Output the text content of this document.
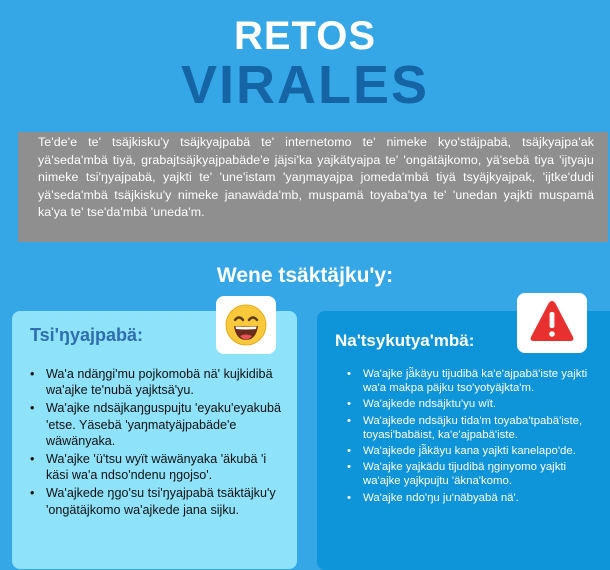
RETOS
VIRALES
Te'de'e te' tsäjkisku'y tsäjkyajpabä te' internetomo te' nimeke kyo'stäjpabä, tsäjkyajpa'ak yä'seda'mbä tiyä, grabajtsäjkyajpabäde'e jäjsi'ka yajkätyajpa te' 'ongätäjkomo, yä'sebä tiya 'ijtyaju nimeke tsi'ŋyajpabä, yajkti te' 'une'istam 'yaŋmayajpa jomeda'mbä tiyä tsyäjkyajpak, 'ijtke'dudi yä'seda'mbä tsäjkisku'y nimeke janawäda'mb, muspamä toyaba'tya te' 'unedan yajkti muspamä ka'ya te' tse'da'mbä 'uneda'm.
Wene tsäktäjku'y:
Tsi'ŋyajpabä:
• Wa'a ndäŋgi'mu pojkomobä nä' kujkidibä wa'ajke te'nubä yajktsä'yu.
• Wa'ajke ndsäjkaŋguspujtu 'eyaku'eyakubä 'etse. Yäsebä 'yaŋmatyäjpabäde'e wäwänyaka.
• Wa'ajke 'ü'tsu wyït wäwänyaka 'äkubä 'i käsi wa'a ndso'ndenu ŋgojso'.
• Wa'ajkede ŋgo'su tsi'ŋyajpabä tsäktäjku'y 'ongätäjkomo wa'ajkede jana sijku.
Na'tsykutya'mbä:
• Wa'ajke jä̃käyu tijudibä ka'e'ajpabä'iste yajkti wa'a makpa päjku tso'yotyäjkta'm.
• Wa'ajkede ndsäjktu'yu wït.
• Wa'ajkede ndsäjku tida'm toyaba'tpabä'iste, toyasi'babäist, ka'e'ajpabä'iste.
• Wa'ajkede jä̃käyu kana yajkti kanelapo'de.
• Wa'ajke yajkädu tijudibä ŋginyomo yajkti wa'ajke yajkpujtu 'äkna'komo.
• Wa'ajke ndo'ŋu ju'näbyabä nä'.
